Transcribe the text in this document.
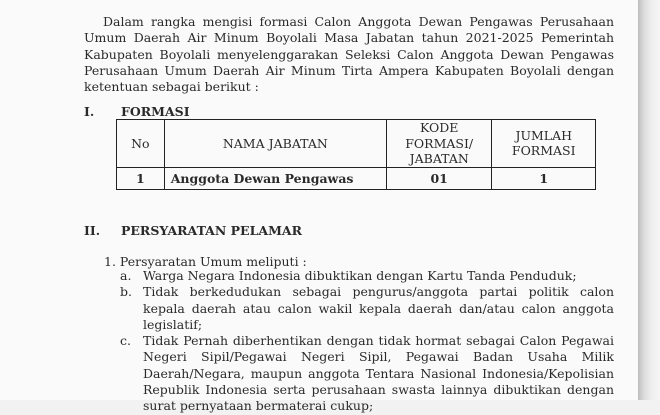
Dalam rangka mengisi formasi Calon Anggota Dewan Pengawas Perusahaan Umum Daerah Air Minum Boyolali Masa Jabatan tahun 2021-2025 Pemerintah Kabupaten Boyolali menyelenggarakan Seleksi Calon Anggota Dewan Pengawas Perusahaan Umum Daerah Air Minum Tirta Ampera Kabupaten Boyolali dengan ketentuan sebagai berikut :

I. FORMASI
No	NAMA JABATAN	KODE FORMASI/ JABATAN	JUMLAH FORMASI
1	Anggota Dewan Pengawas	01	1
II. PERSYARATAN PELAMAR
1. Persyaratan Umum meliputi :
a. Warga Negara Indonesia dibuktikan dengan Kartu Tanda Penduduk;
b. Tidak berkedudukan sebagai pengurus/anggota partai politik calon kepala daerah atau calon wakil kepala daerah dan/atau calon anggota legislatif;
c. Tidak Pernah diberhentikan dengan tidak hormat sebagai Calon Pegawai Negeri Sipil/Pegawai Negeri Sipil, Pegawai Badan Usaha Milik Daerah/Negara, maupun anggota Tentara Nasional Indonesia/Kepolisian Republik Indonesia serta perusahaan swasta lainnya dibuktikan dengan surat pernyataan bermaterai cukup;
